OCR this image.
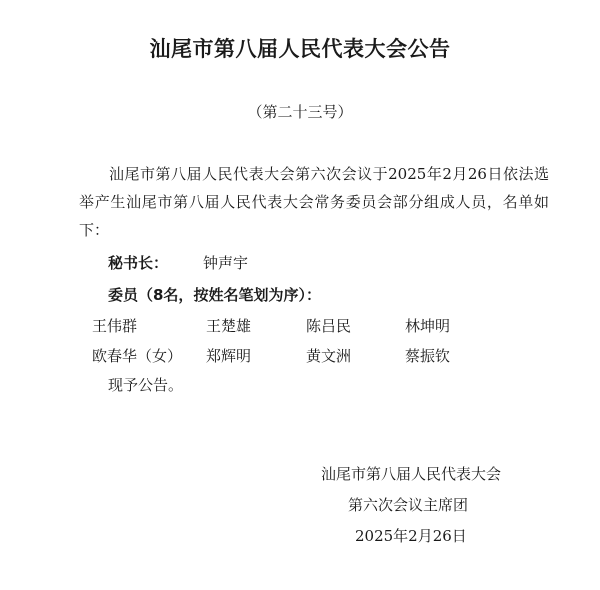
汕尾市第八届人民代表大会公告
（第二十三号）
汕尾市第八届人民代表大会第六次会议于2025年2月26日依法选举产生汕尾市第八届人民代表大会常务委员会部分组成人员，名单如下：
秘书长： 钟声宇
委员（8名，按姓名笔划为序）：
王伟群	王楚雄	陈吕民	林坤明
欧春华（女） 郑辉明	黄文洲	蔡振钦
现予公告。
汕尾市第八届人民代表大会
第六次会议主席团
2025年2月26日
